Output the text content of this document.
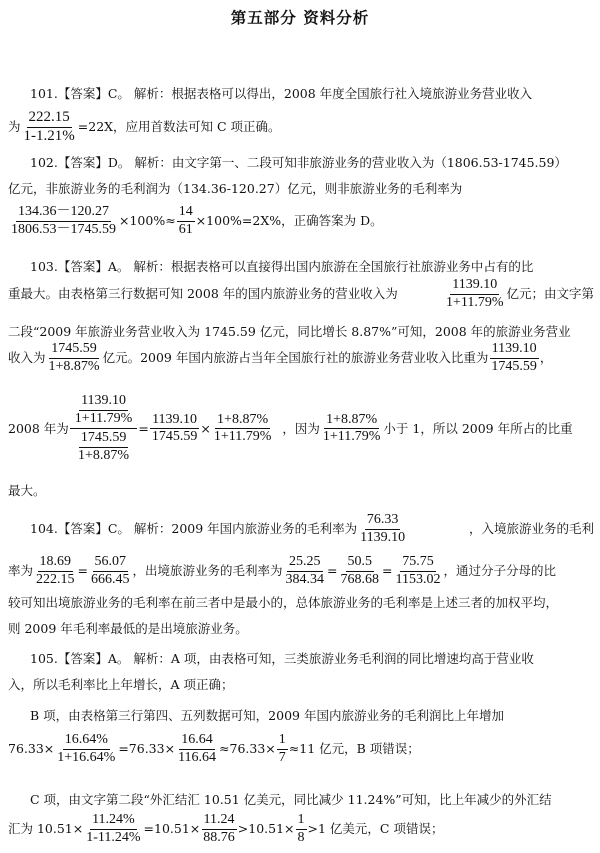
第五部分 资料分析
101.【答案】C。 解析：根据表格可以得出，2008 年度全国旅行社入境旅游业务营业收入
为 $\frac{222.15}{1-1.21\%} =22X$，应用首数法可知 C 项正确。
102.【答案】D。 解析：由文字第一、二段可知非旅游业务的营业收入为（1806.53-1745.59）
亿元，非旅游业务的毛利润为（134.36-120.27）亿元，则非旅游业务的毛利率为
$\frac{134.36-120.27}{1806.53-1745.59} \times 100\%\approx \frac{14}{61} \times 100\%=2X\%$，正确答案为 D。
103.【答案】A。 解析：根据表格可以直接得出国内旅游在全国旅行社旅游业务中占有的比
重最大。由表格第三行数据可知 2008 年的国内旅游业务的营业收入为	$\frac{1139.10}{1+11.79\%}$ 亿元；由文字第
二段“2009 年旅游业务营业收入为 1745.59 亿元，同比增长 8.87%”可知，2008 年的旅游业务营业
收入为 $\frac{1745.59}{1+8.87\%}$ 亿元。2009 年国内旅游占当年全国旅行社的旅游业务营业收入比重为 $\frac{1139.10}{1745.59}$ ，
2008 年为 $\frac{\frac{1139.10}{1+11.79\%}}{\frac{1745.59}{1+8.87\%}} = \frac{1139.10}{1745.59} \times \frac{1+8.87\%}{1+11.79\%}$ ，因为 $\frac{1+8.87\%}{1+11.79\%}$ 小于 1，所以 2009 年所占的比重
最大。
104.【答案】C。 解析：2009 年国内旅游业务的毛利率为 $\frac{76.33}{1139.10}$	，入境旅游业务的毛利
率为 $\frac{18.69}{222.15} = \frac{56.07}{666.45}$ ，出境旅游业务的毛利率为 $\frac{25.25}{384.34} = \frac{50.5}{768.68} = \frac{75.75}{1153.02}$ ，通过分子分母的比
较可知出境旅游业务的毛利率在前三者中是最小的，总体旅游业务的毛利率是上述三者的加权平均，
则 2009 年毛利率最低的是出境旅游业务。
105.【答案】A。 解析：A 项，由表格可知，三类旅游业务毛利润的同比增速均高于营业收
入，所以毛利率比上年增长，A 项正确；
B 项，由表格第三行第四、五列数据可知，2009 年国内旅游业务的毛利润比上年增加
$76.33\times \frac{16.64\%}{1+16.64\%} =76.33\times \frac{16.64}{116.64} \approx 76.33\times \frac{1}{7} \approx 11$ 亿元，B 项错误；
C 项，由文字第二段“外汇结汇 10.51 亿美元，同比减少 11.24%”可知，比上年减少的外汇结
汇为 $10.51\times \frac{11.24\%}{1-11.24\%} =10.51\times \frac{11.24}{88.76} >10.51\times \frac{1}{8} >1$ 亿美元，C 项错误；
